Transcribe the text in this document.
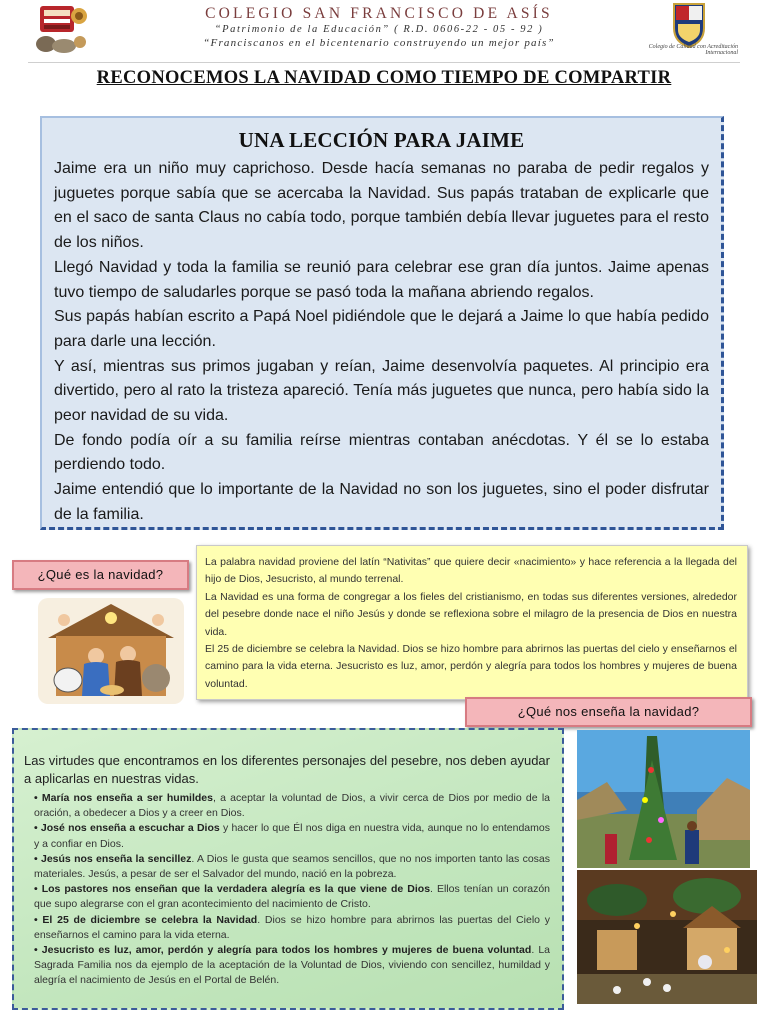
COLEGIO SAN FRANCISCO DE ASÍS
“Patrimonio de la Educación” ( R.D. 0606-22 - 05 - 92 )
“Franciscanos en el bicentenario construyendo un mejor país”	Colegio de Calidad con Acreditación Internacional
RECONOCEMOS LA NAVIDAD COMO TIEMPO DE COMPARTIR
UNA LECCIÓN PARA JAIME

Jaime era un niño muy caprichoso. Desde hacía semanas no paraba de pedir regalos y juguetes porque sabía que se acercaba la Navidad. Sus papás trataban de explicarle que en el saco de santa Claus no cabía todo, porque también debía llevar juguetes para el resto de los niños.

Llegó Navidad y toda la familia se reunió para celebrar ese gran día juntos. Jaime apenas tuvo tiempo de saludarles porque se pasó toda la mañana abriendo regalos.

Sus papás habían escrito a Papá Noel pidiéndole que le dejará a Jaime lo que había pedido para darle una lección.

Y así, mientras sus primos jugaban y reían, Jaime desenvolvía paquetes. Al principio era divertido, pero al rato la tristeza apareció. Tenía más juguetes que nunca, pero había sido la peor navidad de su vida.

De fondo podía oír a su familia reírse mientras contaban anécdotas. Y él se lo estaba perdiendo todo.

Jaime entendió que lo importante de la Navidad no son los juguetes, sino el poder disfrutar de la familia.

¿Qué es la navidad?

La palabra navidad proviene del latín “Nativitas” que quiere decir «nacimiento» y hace referencia a la llegada del hijo de Dios, Jesucristo, al mundo terrenal.

La Navidad es una forma de congregar a los fieles del cristianismo, en todas sus diferentes versiones, alrededor del pesebre donde nace el niño Jesús y donde se reflexiona sobre el milagro de la presencia de Dios en nuestra vida.

El 25 de diciembre se celebra la Navidad. Dios se hizo hombre para abrirnos las puertas del cielo y enseñarnos el camino para la vida eterna. Jesucristo es luz, amor, perdón y alegría para todos los hombres y mujeres de buena voluntad.

¿Qué nos enseña la navidad?

Las virtudes que encontramos en los diferentes personajes del pesebre, nos deben ayudar a aplicarlas en nuestras vidas.

• María nos enseña a ser humildes, a aceptar la voluntad de Dios, a vivir cerca de Dios por medio de la oración, a obedecer a Dios y a creer en Dios.
• José nos enseña a escuchar a Dios y hacer lo que Él nos diga en nuestra vida, aunque no lo entendamos y a confiar en Dios.
• Jesús nos enseña la sencillez. A Dios le gusta que seamos sencillos, que no nos importen tanto las cosas materiales. Jesús, a pesar de ser el Salvador del mundo, nació en la pobreza.
• Los pastores nos enseñan que la verdadera alegría es la que viene de Dios. Ellos tenían un corazón que supo alegrarse con el gran acontecimiento del nacimiento de Cristo.
• El 25 de diciembre se celebra la Navidad. Dios se hizo hombre para abrirnos las puertas del Cielo y enseñarnos el camino para la vida eterna.
• Jesucristo es luz, amor, perdón y alegría para todos los hombres y mujeres de buena voluntad. La Sagrada Familia nos da ejemplo de la aceptación de la Voluntad de Dios, viviendo con sencillez, humildad y alegría el nacimiento de Jesús en el Portal de Belén.
